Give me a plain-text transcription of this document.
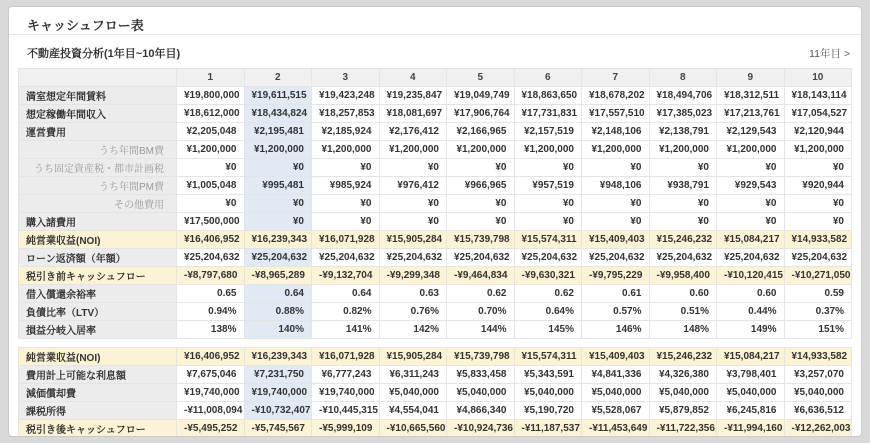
キャッシュフロー表
不動産投資分析(1年目~10年目)	11年目 >
	1	2	3	4	5	6	7	8	9	10
満室想定年間賃料	¥19,800,000	¥19,611,515	¥19,423,248	¥19,235,847	¥19,049,749	¥18,863,650	¥18,678,202	¥18,494,706	¥18,312,511	¥18,143,114
想定稼働年間収入	¥18,612,000	¥18,434,824	¥18,257,853	¥18,081,697	¥17,906,764	¥17,731,831	¥17,557,510	¥17,385,023	¥17,213,761	¥17,054,527
運営費用	¥2,205,048	¥2,195,481	¥2,185,924	¥2,176,412	¥2,166,965	¥2,157,519	¥2,148,106	¥2,138,791	¥2,129,543	¥2,120,944
うち年間BM費	¥1,200,000	¥1,200,000	¥1,200,000	¥1,200,000	¥1,200,000	¥1,200,000	¥1,200,000	¥1,200,000	¥1,200,000	¥1,200,000
うち固定資産税・都市計画税	¥0	¥0	¥0	¥0	¥0	¥0	¥0	¥0	¥0	¥0
うち年間PM費	¥1,005,048	¥995,481	¥985,924	¥976,412	¥966,965	¥957,519	¥948,106	¥938,791	¥929,543	¥920,944
その他費用	¥0	¥0	¥0	¥0	¥0	¥0	¥0	¥0	¥0	¥0
購入諸費用	¥17,500,000	¥0	¥0	¥0	¥0	¥0	¥0	¥0	¥0	¥0
純営業収益(NOI)	¥16,406,952	¥16,239,343	¥16,071,928	¥15,905,284	¥15,739,798	¥15,574,311	¥15,409,403	¥15,246,232	¥15,084,217	¥14,933,582
ローン返済額（年額）	¥25,204,632	¥25,204,632	¥25,204,632	¥25,204,632	¥25,204,632	¥25,204,632	¥25,204,632	¥25,204,632	¥25,204,632	¥25,204,632
税引き前キャッシュフロー	-¥8,797,680	-¥8,965,289	-¥9,132,704	-¥9,299,348	-¥9,464,834	-¥9,630,321	-¥9,795,229	-¥9,958,400	-¥10,120,415	-¥10,271,050
借入償還余裕率	0.65	0.64	0.64	0.63	0.62	0.62	0.61	0.60	0.60	0.59
負債比率（LTV）	0.94%	0.88%	0.82%	0.76%	0.70%	0.64%	0.57%	0.51%	0.44%	0.37%
損益分岐入居率	138%	140%	141%	142%	144%	145%	146%	148%	149%	151%
純営業収益(NOI)	¥16,406,952	¥16,239,343	¥16,071,928	¥15,905,284	¥15,739,798	¥15,574,311	¥15,409,403	¥15,246,232	¥15,084,217	¥14,933,582
費用計上可能な利息額	¥7,675,046	¥7,231,750	¥6,777,243	¥6,311,243	¥5,833,458	¥5,343,591	¥4,841,336	¥4,326,380	¥3,798,401	¥3,257,070
減価償却費	¥19,740,000	¥19,740,000	¥19,740,000	¥5,040,000	¥5,040,000	¥5,040,000	¥5,040,000	¥5,040,000	¥5,040,000	¥5,040,000
課税所得	-¥11,008,094	-¥10,732,407	-¥10,445,315	¥4,554,041	¥4,866,340	¥5,190,720	¥5,528,067	¥5,879,852	¥6,245,816	¥6,636,512
税引き後キャッシュフロー	-¥5,495,252	-¥5,745,567	-¥5,999,109	-¥10,665,560	-¥10,924,736	-¥11,187,537	-¥11,453,649	-¥11,722,356	-¥11,994,160	-¥12,262,003
